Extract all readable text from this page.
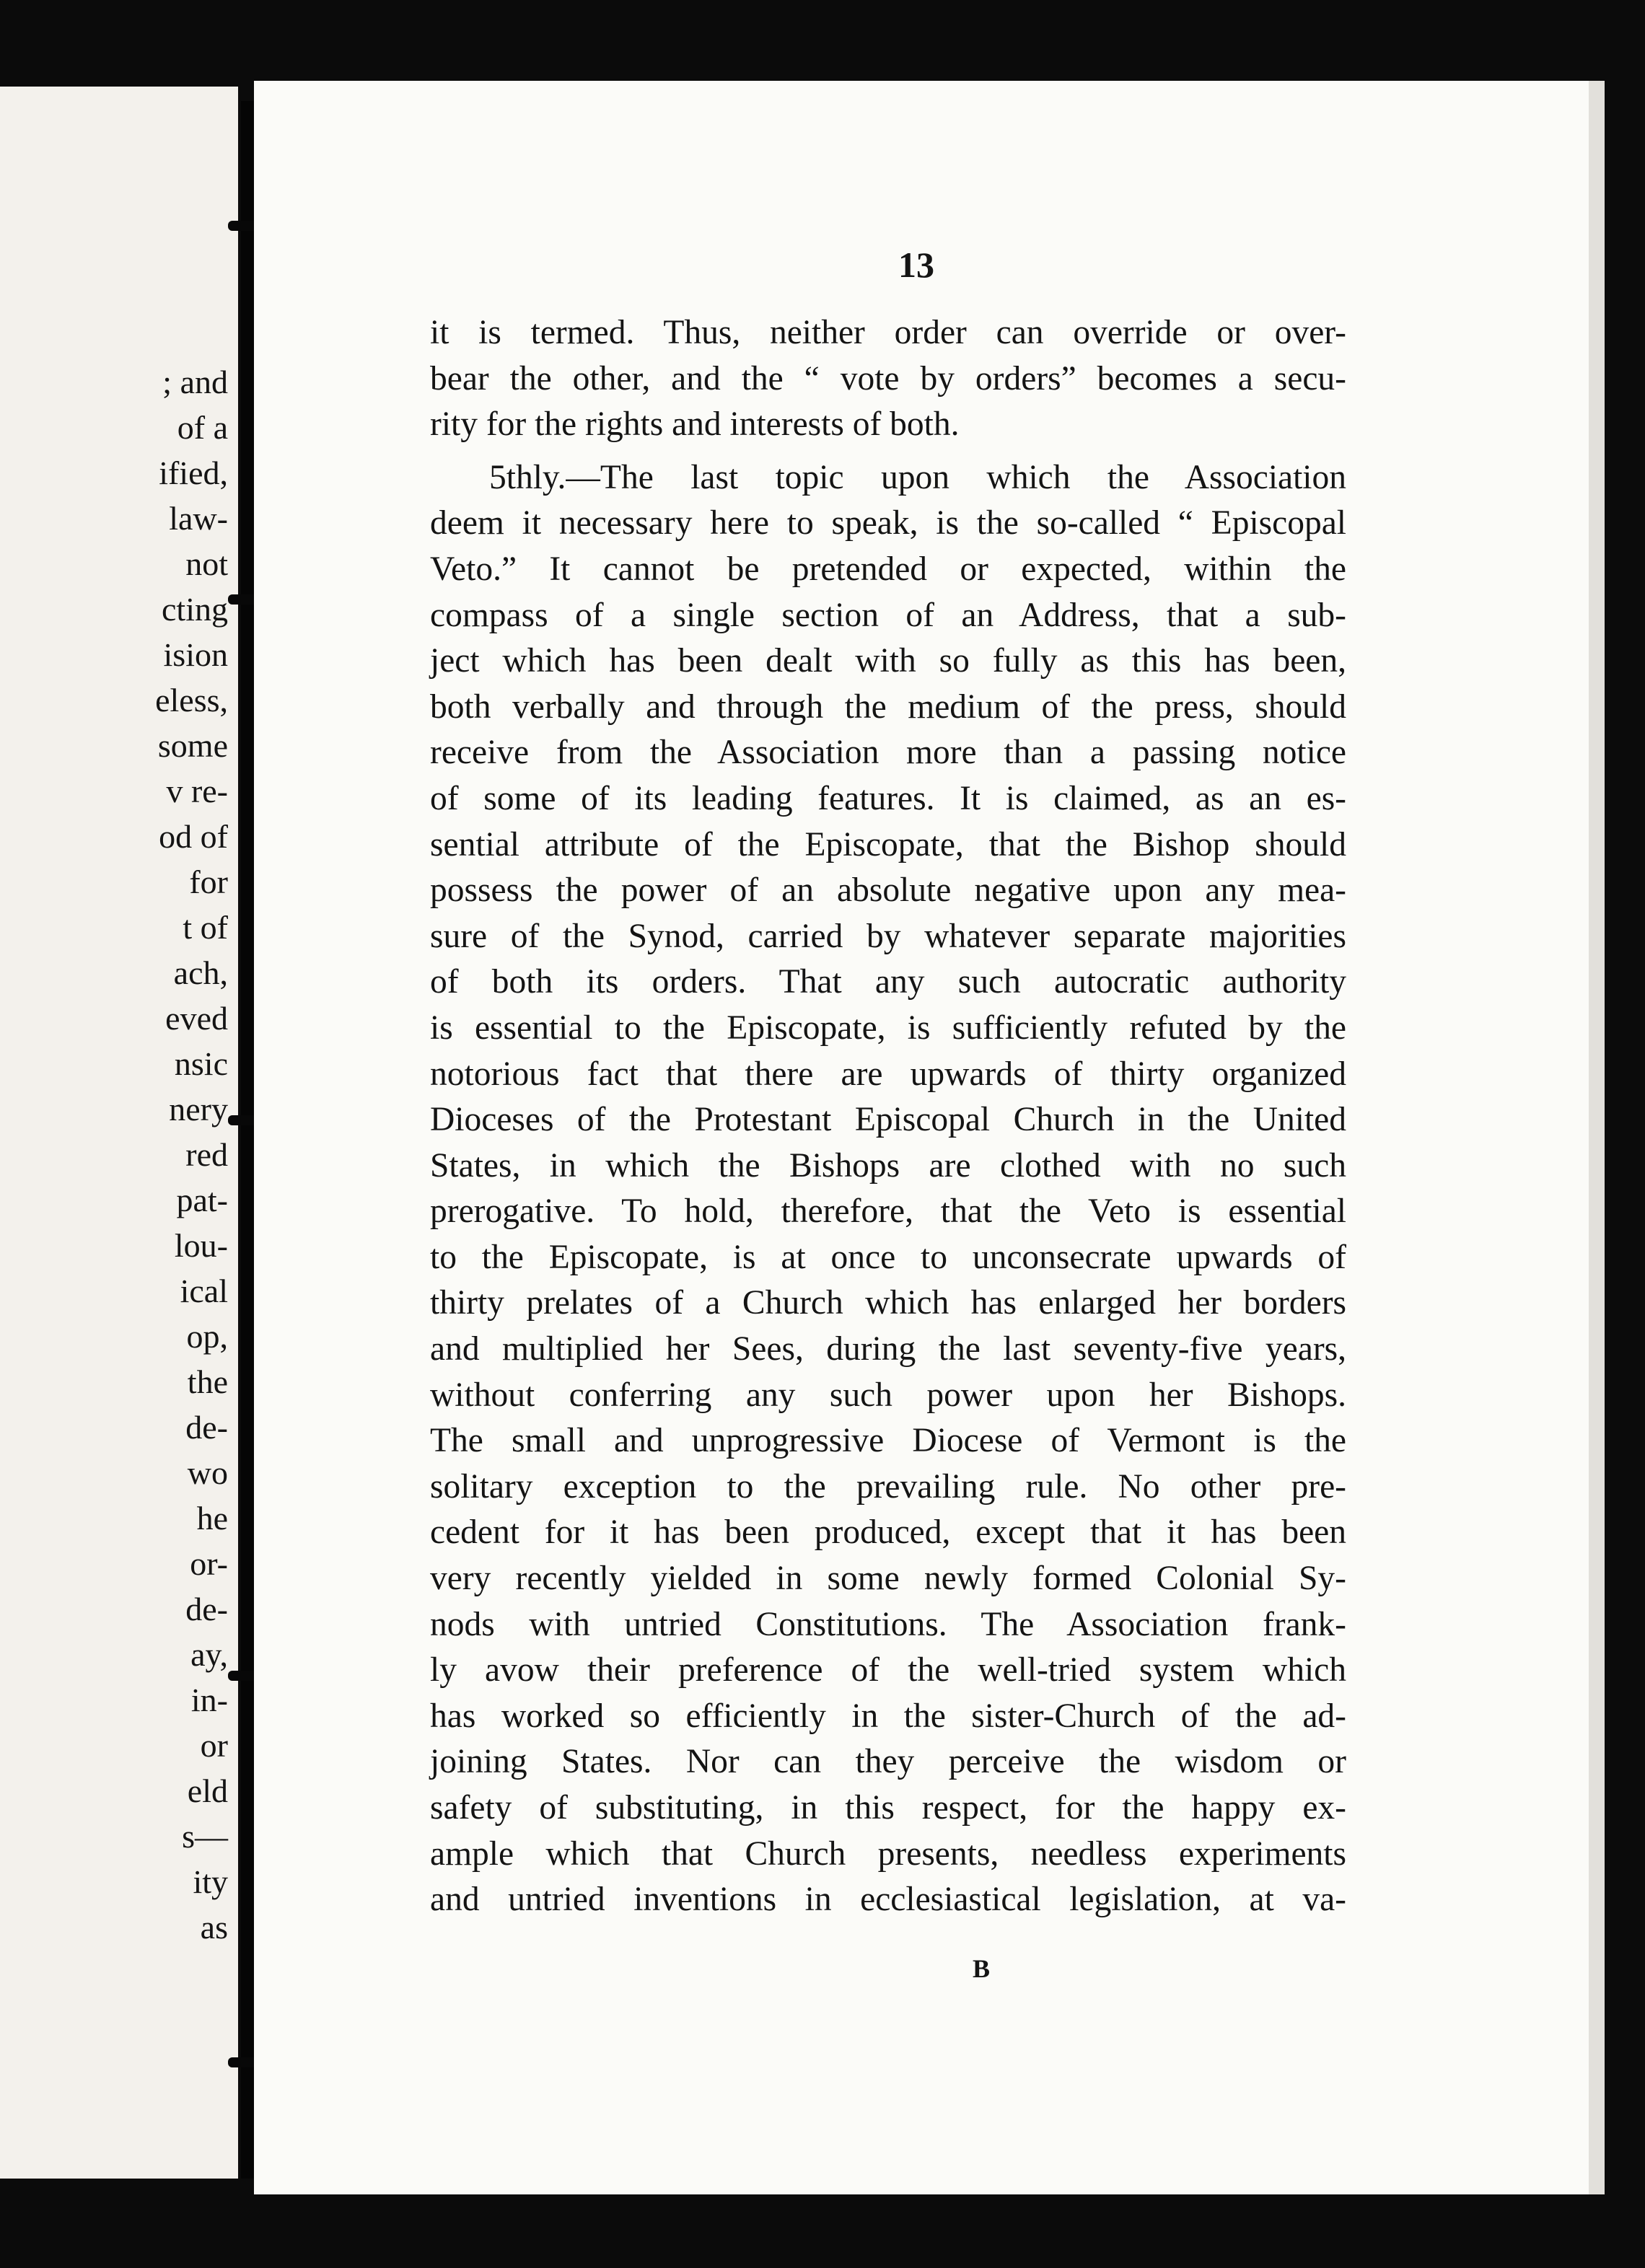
; and
of a
ified,
law-
not
cting
ision
eless,
some
v re-
od of
for
t of
ach,
eved
nsic
nery
red
pat-
lou-
ical
op,
the
de-
wo
he
or-
de-
ay,
in-
or
eld
s—
ity
as
13
it is termed. Thus, neither order can override or over-
bear the other, and the “ vote by orders” becomes a secu-
rity for the rights and interests of both.
5thly.—The last topic upon which the Association
deem it necessary here to speak, is the so-called “ Episcopal
Veto.” It cannot be pretended or expected, within the
compass of a single section of an Address, that a sub-
ject which has been dealt with so fully as this has been,
both verbally and through the medium of the press, should
receive from the Association more than a passing notice
of some of its leading features. It is claimed, as an es-
sential attribute of the Episcopate, that the Bishop should
possess the power of an absolute negative upon any mea-
sure of the Synod, carried by whatever separate majorities
of both its orders. That any such autocratic authority
is essential to the Episcopate, is sufficiently refuted by the
notorious fact that there are upwards of thirty organized
Dioceses of the Protestant Episcopal Church in the United
States, in which the Bishops are clothed with no such
prerogative. To hold, therefore, that the Veto is essential
to the Episcopate, is at once to unconsecrate upwards of
thirty prelates of a Church which has enlarged her borders
and multiplied her Sees, during the last seventy-five years,
without conferring any such power upon her Bishops.
The small and unprogressive Diocese of Vermont is the
solitary exception to the prevailing rule. No other pre-
cedent for it has been produced, except that it has been
very recently yielded in some newly formed Colonial Sy-
nods with untried Constitutions. The Association frank-
ly avow their preference of the well-tried system which
has worked so efficiently in the sister-Church of the ad-
joining States. Nor can they perceive the wisdom or
safety of substituting, in this respect, for the happy ex-
ample which that Church presents, needless experiments
and untried inventions in ecclesiastical legislation, at va-
B
